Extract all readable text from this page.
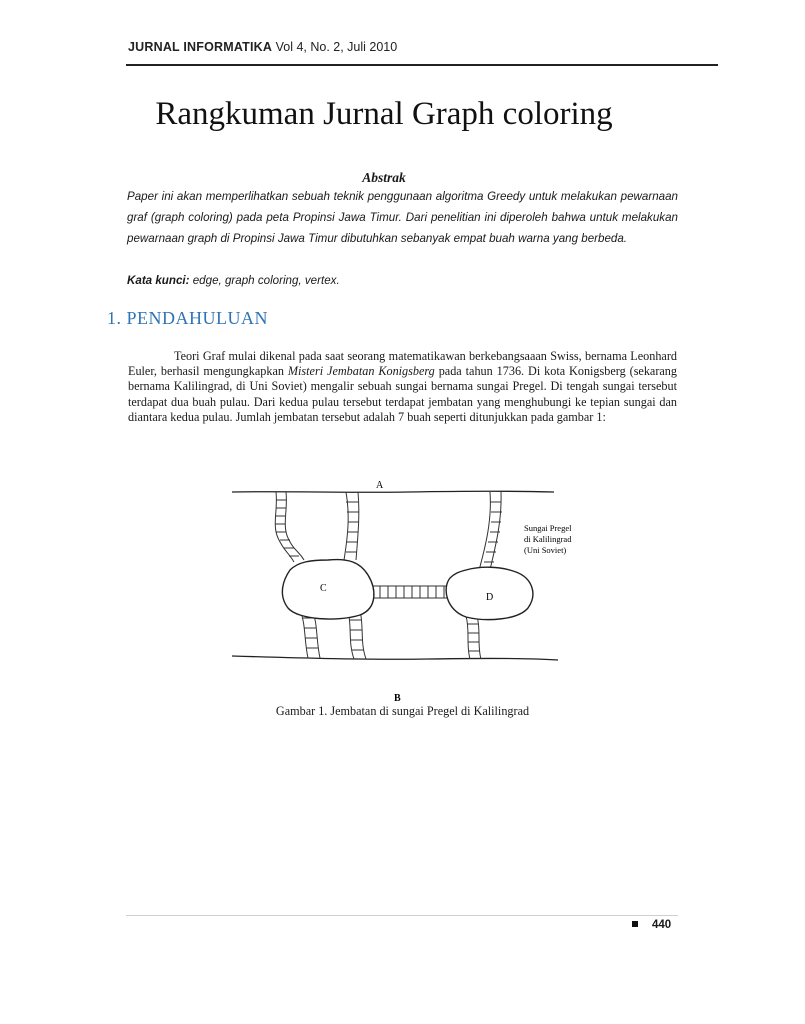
JURNAL INFORMATIKA Vol 4, No. 2, Juli 2010
Rangkuman Jurnal Graph coloring
Abstrak
Paper ini akan memperlihatkan sebuah teknik penggunaan algoritma Greedy untuk melakukan pewarnaan graf (graph coloring) pada peta Propinsi Jawa Timur. Dari penelitian ini diperoleh bahwa untuk melakukan pewarnaan graph di Propinsi Jawa Timur dibutuhkan sebanyak empat buah warna yang berbeda.
Kata kunci: edge, graph coloring, vertex.
1. PENDAHULUAN
Teori Graf mulai dikenal pada saat seorang matematikawan berkebangsaaan Swiss, bernama Leonhard Euler, berhasil mengungkapkan Misteri Jembatan Konigsberg pada tahun 1736. Di kota Konigsberg (sekarang bernama Kalilingrad, di Uni Soviet) mengalir sebuah sungai bernama sungai Pregel. Di tengah sungai tersebut terdapat dua buah pulau. Dari kedua pulau tersebut terdapat jembatan yang menghubungi ke tepian sungai dan diantara kedua pulau. Jumlah jembatan tersebut adalah 7 buah seperti ditunjukkan pada gambar 1:
A
B
C
D
Sungai Pregel
di Kalilingrad
(Uni Soviet)
Gambar 1. Jembatan di sungai Pregel di Kalilingrad
440
